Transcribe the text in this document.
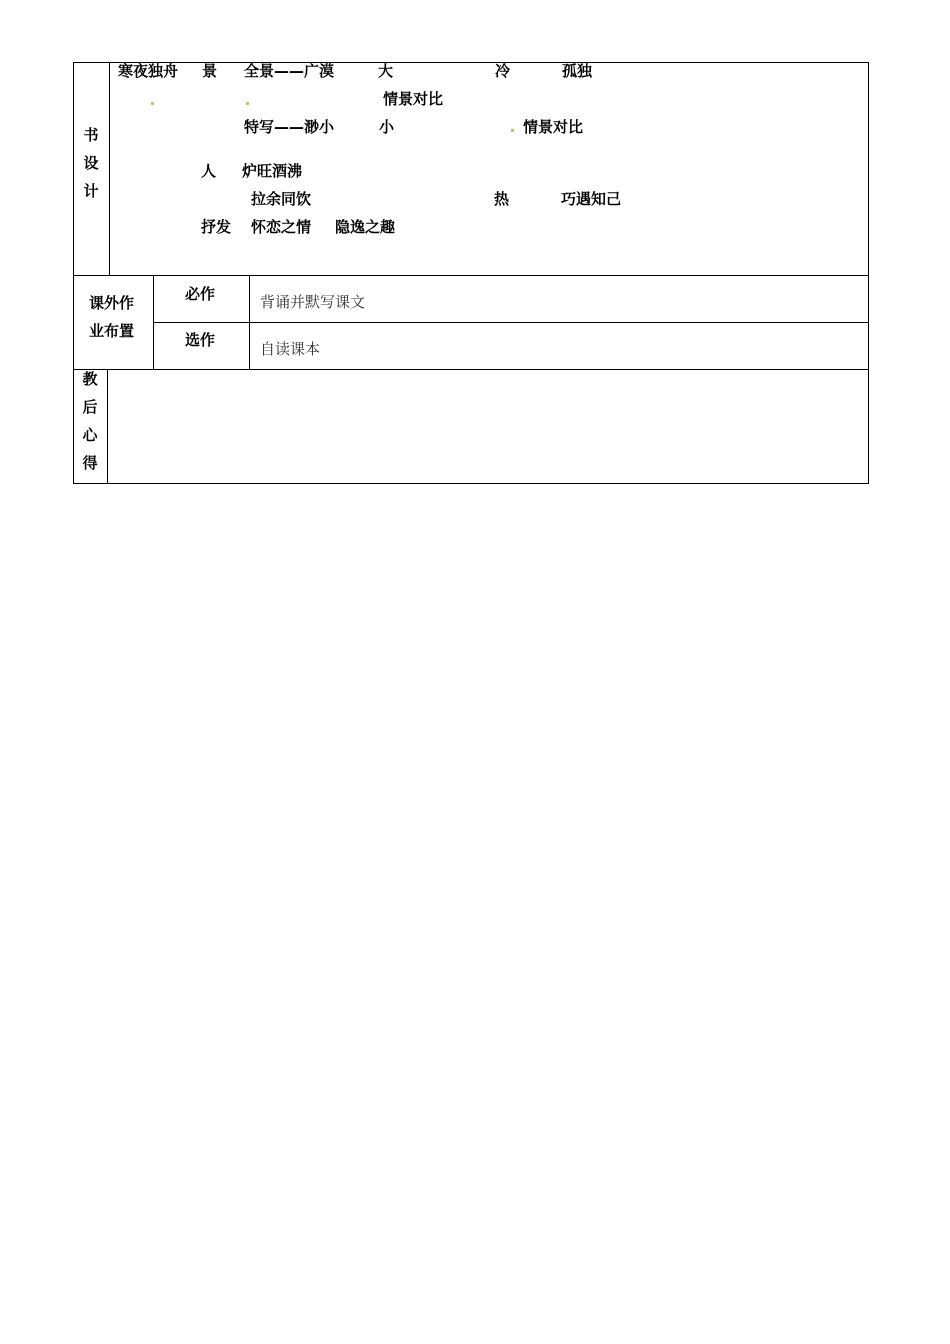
书
设
计
寒夜独舟 景 全景——广漠	大	冷	孤独
情景对比
特写——渺小	小	情景对比
人 炉旺酒沸
拉余同饮	热	巧遇知己
抒发 怀恋之情 隐逸之趣
课外作
业布置
必作	背诵并默写课文
选作	自读课本
教
后
心
得
